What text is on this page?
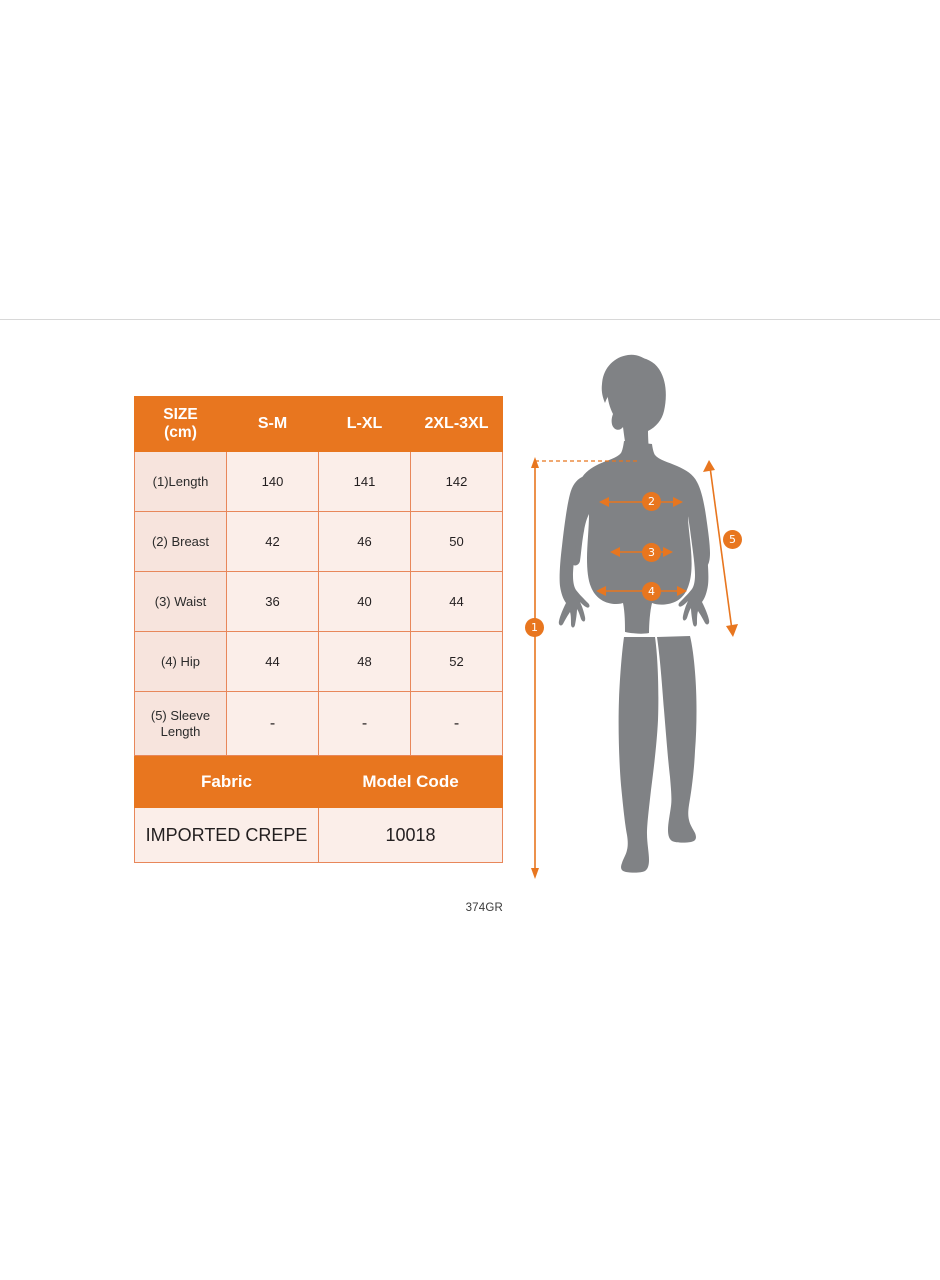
SIZE
(cm)	S-M	L-XL	2XL-3XL
(1)Length	140	141	142
(2) Breast	42	46	50
(3) Waist	36	40	44
(4) Hip	44	48	52
(5) Sleeve
Length	-	-	-
Fabric		Model Code	
IMPORTED CREPE		10018	
374GR
1
2
3
4
5
